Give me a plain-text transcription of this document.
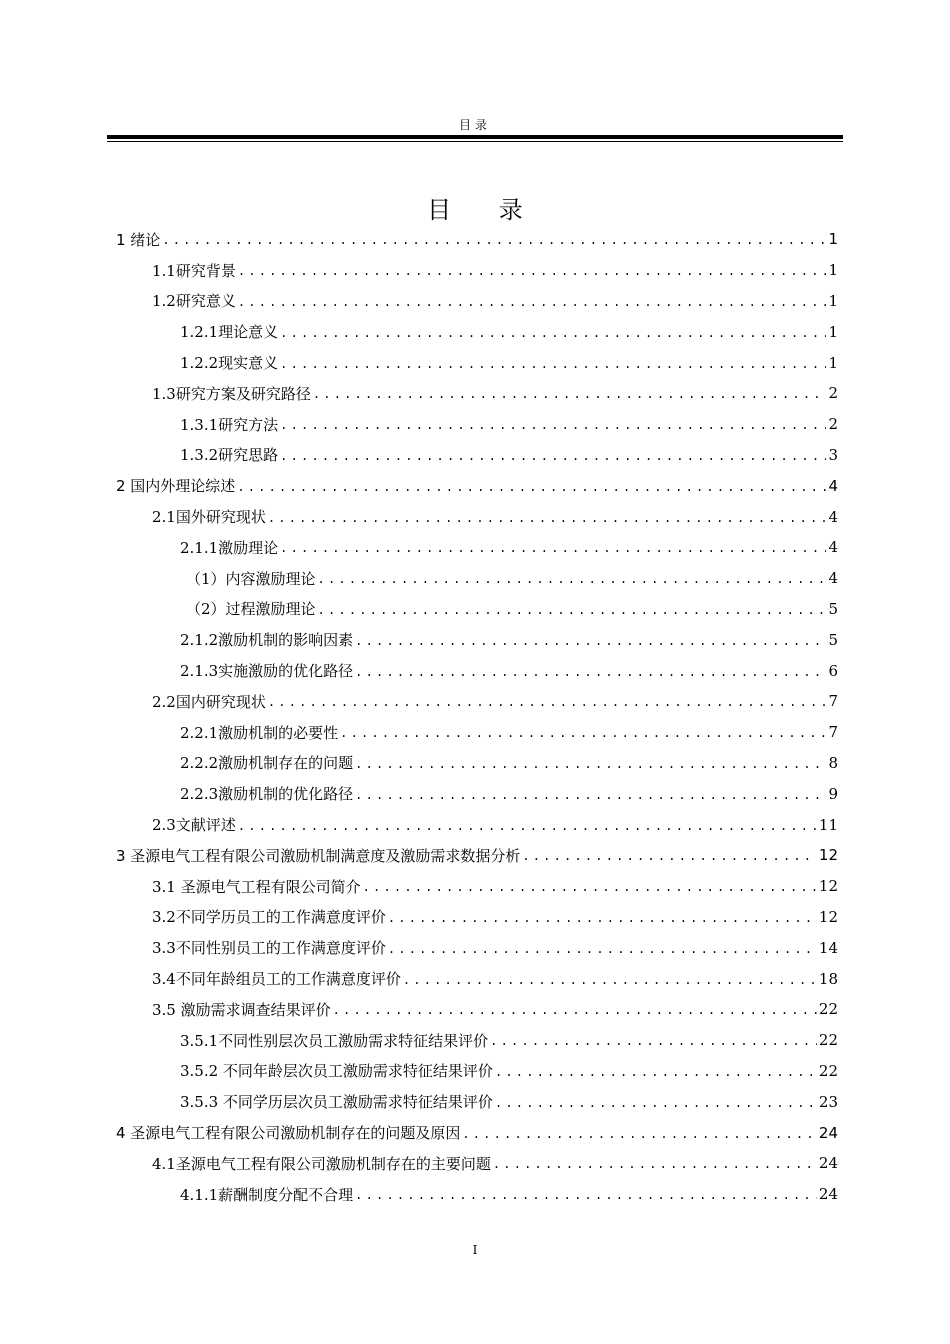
目录
目 录
1 绪论 .....	1
1.1研究背景 .....	1
1.2研究意义 .....	1
1.2.1理论意义 .....	1
1.2.2现实意义 .....	1
1.3研究方案及研究路径 .....	2
1.3.1研究方法 .....	2
1.3.2研究思路 .....	3
2 国内外理论综述 .....	4
2.1国外研究现状 .....	4
2.1.1激励理论 .....	4
（1）内容激励理论 .....	4
（2）过程激励理论 .....	5
2.1.2激励机制的影响因素 .....	5
2.1.3实施激励的优化路径 .....	6
2.2国内研究现状 .....	7
2.2.1激励机制的必要性 .....	7
2.2.2激励机制存在的问题 .....	8
2.2.3激励机制的优化路径 .....	9
2.3文献评述 .....	11
3 圣源电气工程有限公司激励机制满意度及激励需求数据分析 .....	12
3.1 圣源电气工程有限公司简介 .....	12
3.2不同学历员工的工作满意度评价 .....	12
3.3不同性别员工的工作满意度评价 .....	14
3.4不同年龄组员工的工作满意度评价 .....	18
3.5 激励需求调查结果评价 .....	22
3.5.1不同性别层次员工激励需求特征结果评价 .....	22
3.5.2 不同年龄层次员工激励需求特征结果评价 .....	22
3.5.3 不同学历层次员工激励需求特征结果评价 .....	23
4 圣源电气工程有限公司激励机制存在的问题及原因 .....	24
4.1圣源电气工程有限公司激励机制存在的主要问题 .....	24
4.1.1薪酬制度分配不合理 .....	24
I
